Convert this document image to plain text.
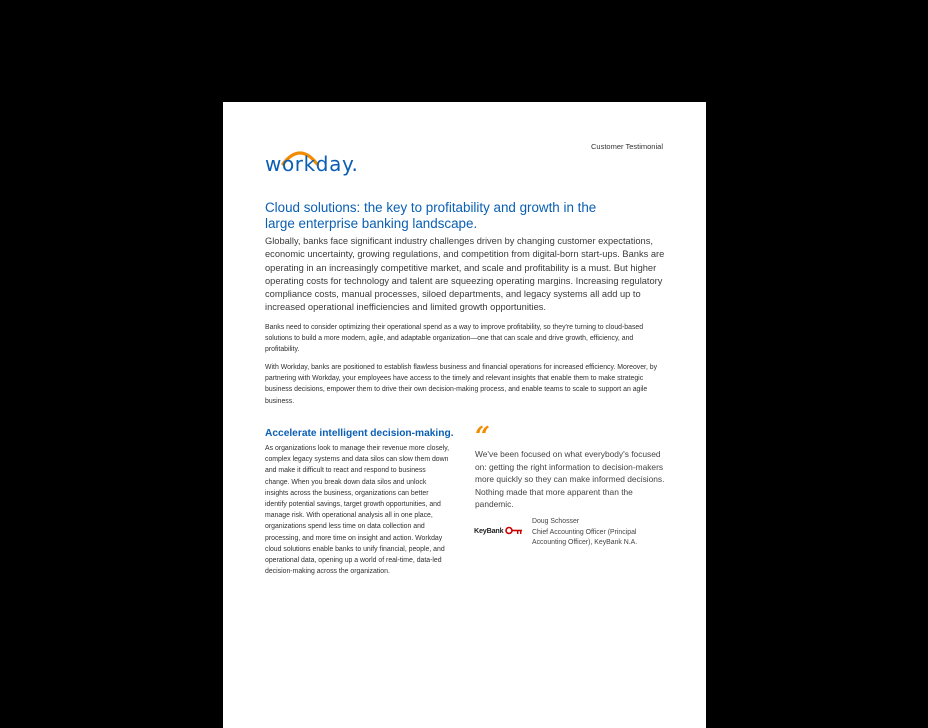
workday.
Customer Testimonial
Cloud solutions: the key to profitability and growth in the large enterprise banking landscape.

Globally, banks face significant industry challenges driven by changing customer expectations, economic uncertainty, growing regulations, and competition from digital-born start-ups. Banks are operating in an increasingly competitive market, and scale and profitability is a must. But higher operating costs for technology and talent are squeezing operating margins. Increasing regulatory compliance costs, manual processes, siloed departments, and legacy systems all add up to increased operational inefficiencies and limited growth opportunities.

Banks need to consider optimizing their operational spend as a way to improve profitability, so they're turning to cloud-based solutions to build a more modern, agile, and adaptable organization—one that can scale and drive growth, efficiency, and profitability.

With Workday, banks are positioned to establish flawless business and financial operations for increased efficiency. Moreover, by partnering with Workday, your employees have access to the timely and relevant insights that enable them to make strategic business decisions, empower them to drive their own decision-making process, and enable teams to scale to support an agile business.

Accelerate intelligent decision-making.

As organizations look to manage their revenue more closely, complex legacy systems and data silos can slow them down and make it difficult to react and respond to business change. When you break down data silos and unlock insights across the business, organizations can better identify potential savings, target growth opportunities, and manage risk. With operational analysis all in one place, organizations spend less time on data collection and processing, and more time on insight and action. Workday cloud solutions enable banks to unify financial, people, and operational data, opening up a world of real-time, data-led decision-making across the organization.

“

We've been focused on what everybody's focused on: getting the right information to decision-makers more quickly so they can make informed decisions. Nothing made that more apparent than the pandemic.

KeyBank
Doug Schosser
Chief Accounting Officer (Principal Accounting Officer), KeyBank N.A.
